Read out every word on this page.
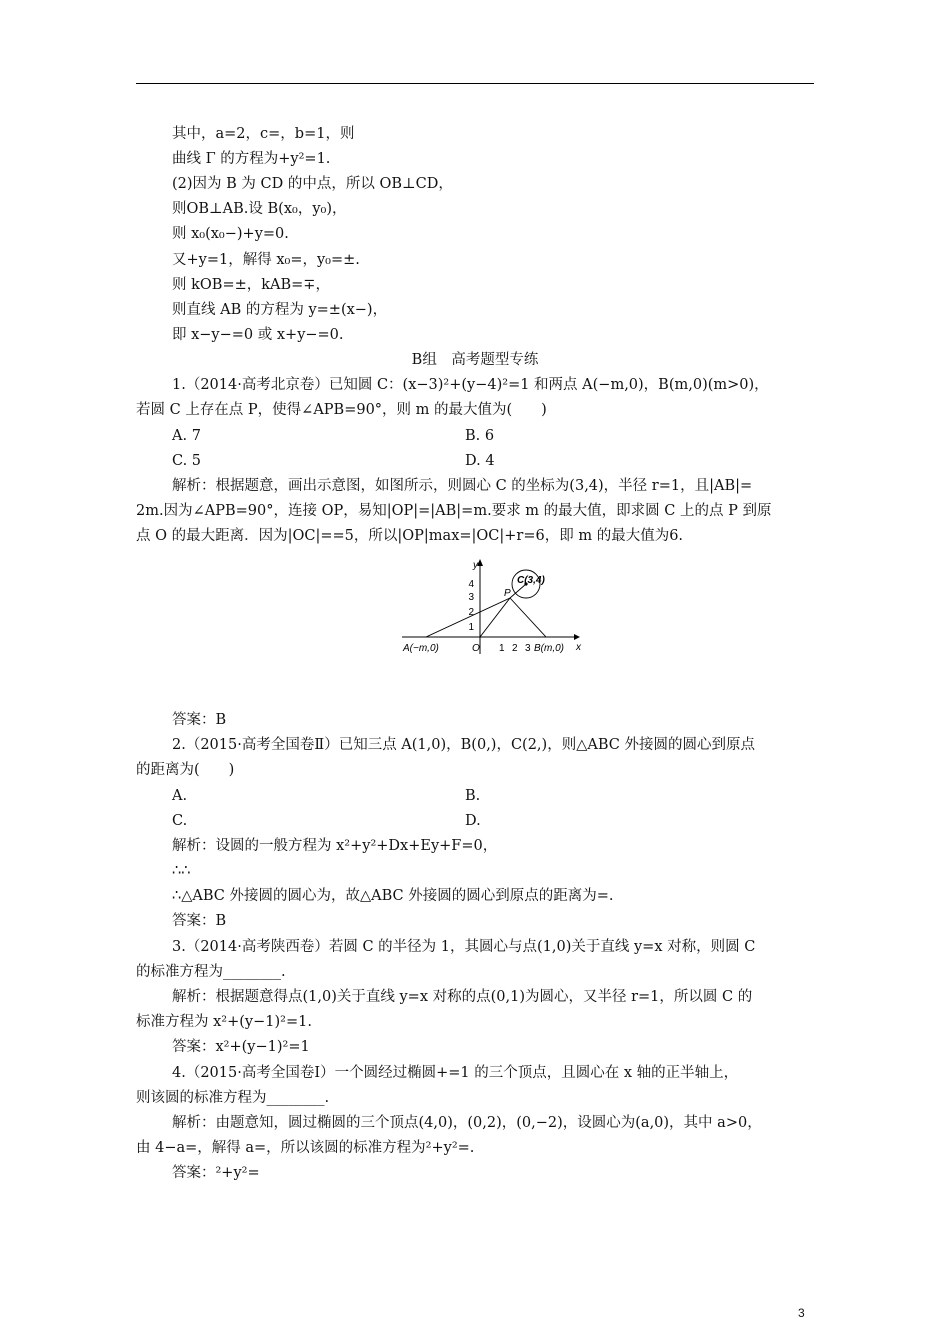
其中，a=2，c=，b=1，则
曲线 Γ 的方程为+y²=1.
(2)因为 B 为 CD 的中点，所以 OB⊥CD，
则OB⊥AB.设 B(x₀，y₀)，
则 x₀(x₀−)+y=0.
又+y=1，解得 x₀=，y₀=±.
则 kOB=±，kAB=∓，
则直线 AB 的方程为 y=±(x−)，
即 x−y−=0 或 x+y−=0.
B组　高考题型专练
1.（2014·高考北京卷）已知圆 C：(x−3)²+(y−4)²=1 和两点 A(−m,0)，B(m,0)(m>0)，
若圆 C 上存在点 P，使得∠APB=90°，则 m 的最大值为(　　)
A. 7	B. 6
C. 5	D. 4
解析：根据题意，画出示意图，如图所示，则圆心 C 的坐标为(3,4)，半径 r=1，且|AB|=
2m.因为∠APB=90°，连接 OP，易知|OP|=|AB|=m.要求 m 的最大值，即求圆 C 上的点 P 到原
点 O 的最大距离．因为|OC|==5，所以|OP|max=|OC|+r=6，即 m 的最大值为6.
y
x
4
3
2
1
1 2 3
O
A(−m,0)	B(m,0)
C(3,4)
P
答案：B
2.（2015·高考全国卷Ⅱ）已知三点 A(1,0)，B(0,)，C(2,)，则△ABC 外接圆的圆心到原点
的距离为(　　)
A.	B.
C.	D.
解析：设圆的一般方程为 x²+y²+Dx+Ey+F=0，
∴∴
∴△ABC 外接圆的圆心为，故△ABC 外接圆的圆心到原点的距离为=.
答案：B
3.（2014·高考陕西卷）若圆 C 的半径为 1，其圆心与点(1,0)关于直线 y=x 对称，则圆 C
的标准方程为________.
解析：根据题意得点(1,0)关于直线 y=x 对称的点(0,1)为圆心，又半径 r=1，所以圆 C 的
标准方程为 x²+(y−1)²=1.
答案：x²+(y−1)²=1
4.（2015·高考全国卷Ⅰ）一个圆经过椭圆+=1 的三个顶点，且圆心在 x 轴的正半轴上，
则该圆的标准方程为________.
解析：由题意知，圆过椭圆的三个顶点(4,0)，(0,2)，(0,−2)，设圆心为(a,0)，其中 a>0，
由 4−a=，解得 a=，所以该圆的标准方程为²+y²=.
答案：²+y²=
3
